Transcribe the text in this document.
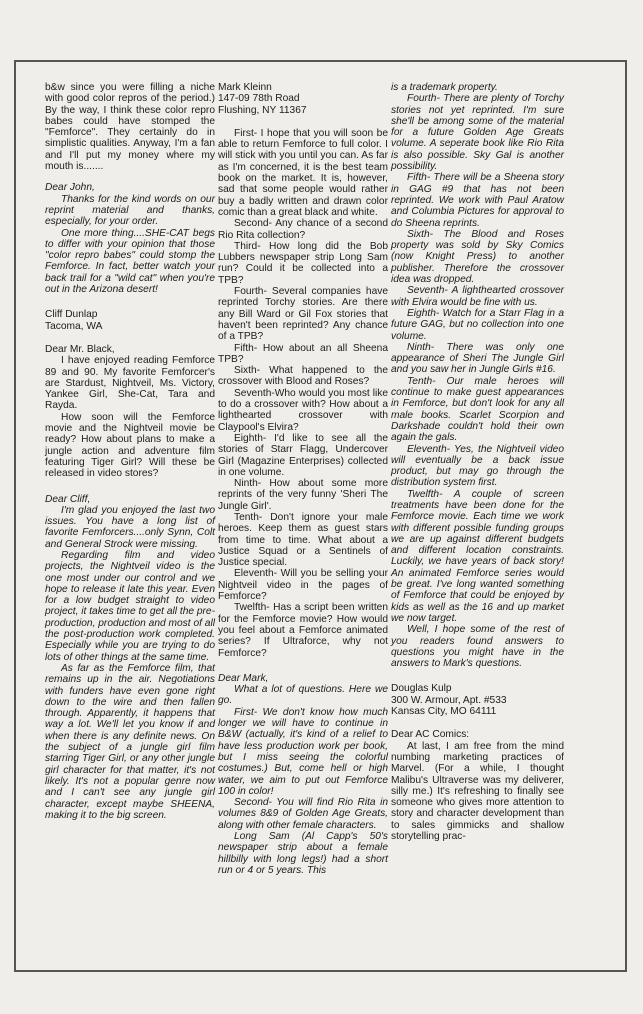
b&w since you were filling a niche with good color repros of the period.) By the way, I think these color repro babes could have stomped the "Femforce". They certainly do in simplistic qualities. Anyway, I'm a fan and I'll put my money where my mouth is.......

Dear John,

Thanks for the kind words on our reprint material and thanks, especially, for your order.

One more thing....SHE-CAT begs to differ with your opinion that those "color repro babes" could stomp the Femforce. In fact, better watch your back trail for a "wild cat" when you're out in the Arizona desert!

Cliff Dunlap
Tacoma, WA

Dear Mr. Black,

I have enjoyed reading Femforce 89 and 90. My favorite Femforcer's are Stardust, Nightveil, Ms. Victory, Yankee Girl, She-Cat, Tara and Rayda.

How soon will the Femforce movie and the Nightveil movie be ready? How about plans to make a jungle action and adventure film featuring Tiger Girl? Will these be released in video stores?

Dear Cliff,

I'm glad you enjoyed the last two issues. You have a long list of favorite Femforcers....only Synn, Colt and General Strock were missing.

Regarding film and video projects, the Nightveil video is the one most under our control and we hope to release it late this year. Even for a low budget straight to video project, it takes time to get all the pre-production, production and most of all the post-production work completed. Especially while you are trying to do lots of other things at the same time.

As far as the Femforce film, that remains up in the air. Negotiations with funders have even gone right down to the wire and then fallen through. Apparently, it happens that way a lot. We'll let you know if and when there is any definite news. On the subject of a jungle girl film starring Tiger Girl, or any other jungle girl character for that matter, it's not likely. It's not a popular genre now and I can't see any jungle girl character, except maybe SHEENA, making it to the big screen.

Mark Kleinn
147-09 78th Road
Flushing, NY 11367

First- I hope that you will soon be able to return Femforce to full color. I will stick with you until you can. As far as I'm concerned, it is the best team book on the market. It is, however, sad that some people would rather buy a badly written and drawn color comic than a great black and white.

Second- Any chance of a second Rio Rita collection?

Third- How long did the Bob Lubbers newspaper strip Long Sam run? Could it be collected into a TPB?

Fourth- Several companies have reprinted Torchy stories. Are there any Bill Ward or Gil Fox stories that haven't been reprinted? Any chance of a TPB?

Fifth- How about an all Sheena TPB?

Sixth- What happened to the crossover with Blood and Roses?

Seventh-Who would you most like to do a crossover with? How about a lighthearted crossover with Claypool's Elvira?

Eighth- I'd like to see all the stories of Starr Flagg, Undercover Girl (Magazine Enterprises) collected in one volume.

Ninth- How about some more reprints of the very funny 'Sheri The Jungle Girl'.

Tenth- Don't ignore your male heroes. Keep them as guest stars from time to time. What about a Justice Squad or a Sentinels of Justice special.

Eleventh- Will you be selling your Nightveil video in the pages of Femforce?

Twelfth- Has a script been written for the Femforce movie? How would you feel about a Femforce animated series? If Ultraforce, why not Femforce?

Dear Mark,

What a lot of questions. Here we go.

First- We don't know how much longer we will have to continue in B&W (actually, it's kind of a relief to have less production work per book, but I miss seeing the colorful costumes.) But, come hell or high water, we aim to put out Femforce 100 in color!

Second- You will find Rio Rita in volumes 8&9 of Golden Age Greats, along with other female characters.

Long Sam (Al Capp's 50's newspaper strip about a female hillbilly with long legs!) had a short run or 4 or 5 years. This

is a trademark property.

Fourth- There are plenty of Torchy stories not yet reprinted. I'm sure she'll be among some of the material for a future Golden Age Greats volume. A seperate book like Rio Rita is also possible. Sky Gal is another possibility.

Fifth- There will be a Sheena story in GAG #9 that has not been reprinted. We work with Paul Aratow and Columbia Pictures for approval to do Sheena reprints.

Sixth- The Blood and Roses property was sold by Sky Comics (now Knight Press) to another publisher. Therefore the crossover idea was dropped.

Seventh- A lighthearted crossover with Elvira would be fine with us.

Eighth- Watch for a Starr Flag in a future GAG, but no collection into one volume.

Ninth- There was only one appearance of Sheri The Jungle Girl and you saw her in Jungle Girls #16.

Tenth- Our male heroes will continue to make guest appearances in Femforce, but don't look for any all male books. Scarlet Scorpion and Darkshade couldn't hold their own again the gals.

Eleventh- Yes, the Nightveil video will eventually be a back issue product, but may go through the distribution system first.

Twelfth- A couple of screen treatments have been done for the Femforce movie. Each time we work with different possible funding groups we are up against different budgets and different location constraints. Luckily, we have years of back story! An animated Femforce series would be great. I've long wanted something of Femforce that could be enjoyed by kids as well as the 16 and up market we now target.

Well, I hope some of the rest of you readers found answers to questions you might have in the answers to Mark's questions.

Douglas Kulp
300 W. Armour, Apt. #533
Kansas City, MO 64111

Dear AC Comics:

At last, I am free from the mind numbing marketing practices of Marvel. (For a while, I thought Malibu's Ultraverse was my deliverer, silly me.) It's refreshing to finally see someone who gives more attention to story and character development than to sales gimmicks and shallow storytelling prac-
